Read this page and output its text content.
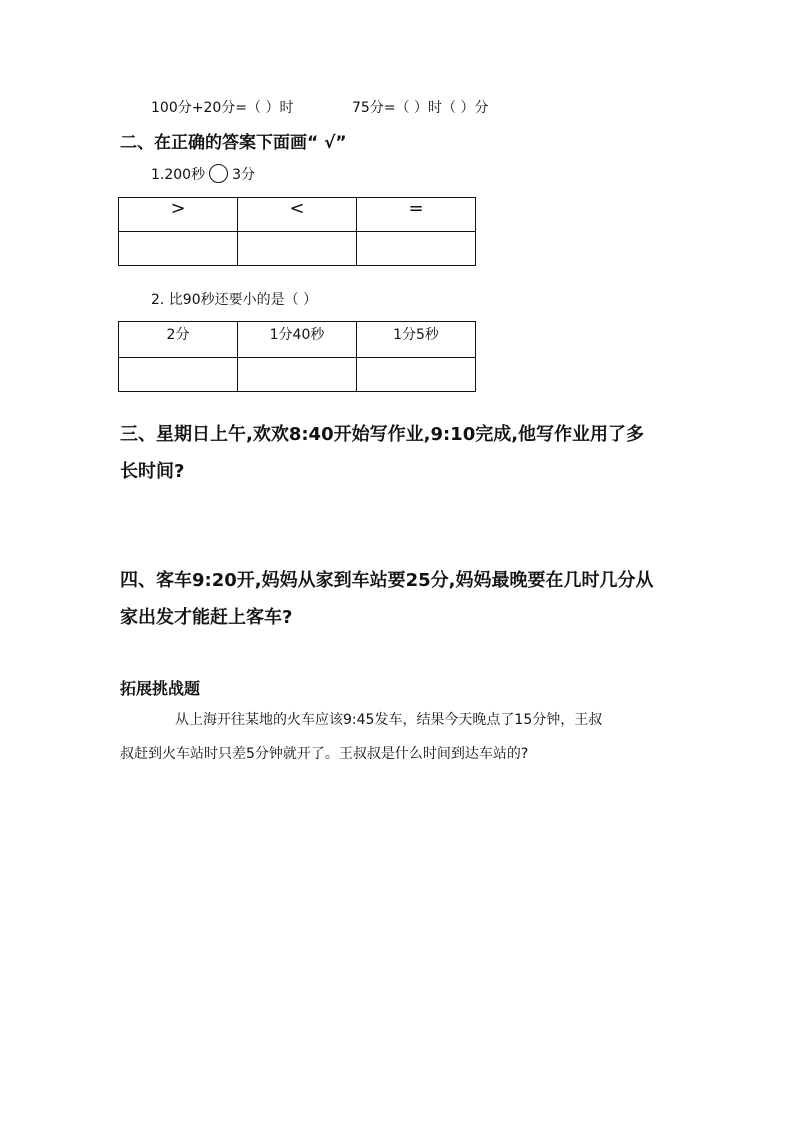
100分+20分=（ ）时	75分=（ ）时（ ）分
二、在正确的答案下面画“ √”
1.200秒 3分
>	<	=

2. 比90秒还要小的是（ ）
2分	1分40秒	1分5秒

三、星期日上午,欢欢8:40开始写作业,9:10完成,他写作业用了多
长时间?
四、客车9:20开,妈妈从家到车站要25分,妈妈最晚要在几时几分从
家出发才能赶上客车?
拓展挑战题
从上海开往某地的火车应该9:45发车，结果今天晚点了15分钟，王叔
叔赶到火车站时只差5分钟就开了。王叔叔是什么时间到达车站的?
